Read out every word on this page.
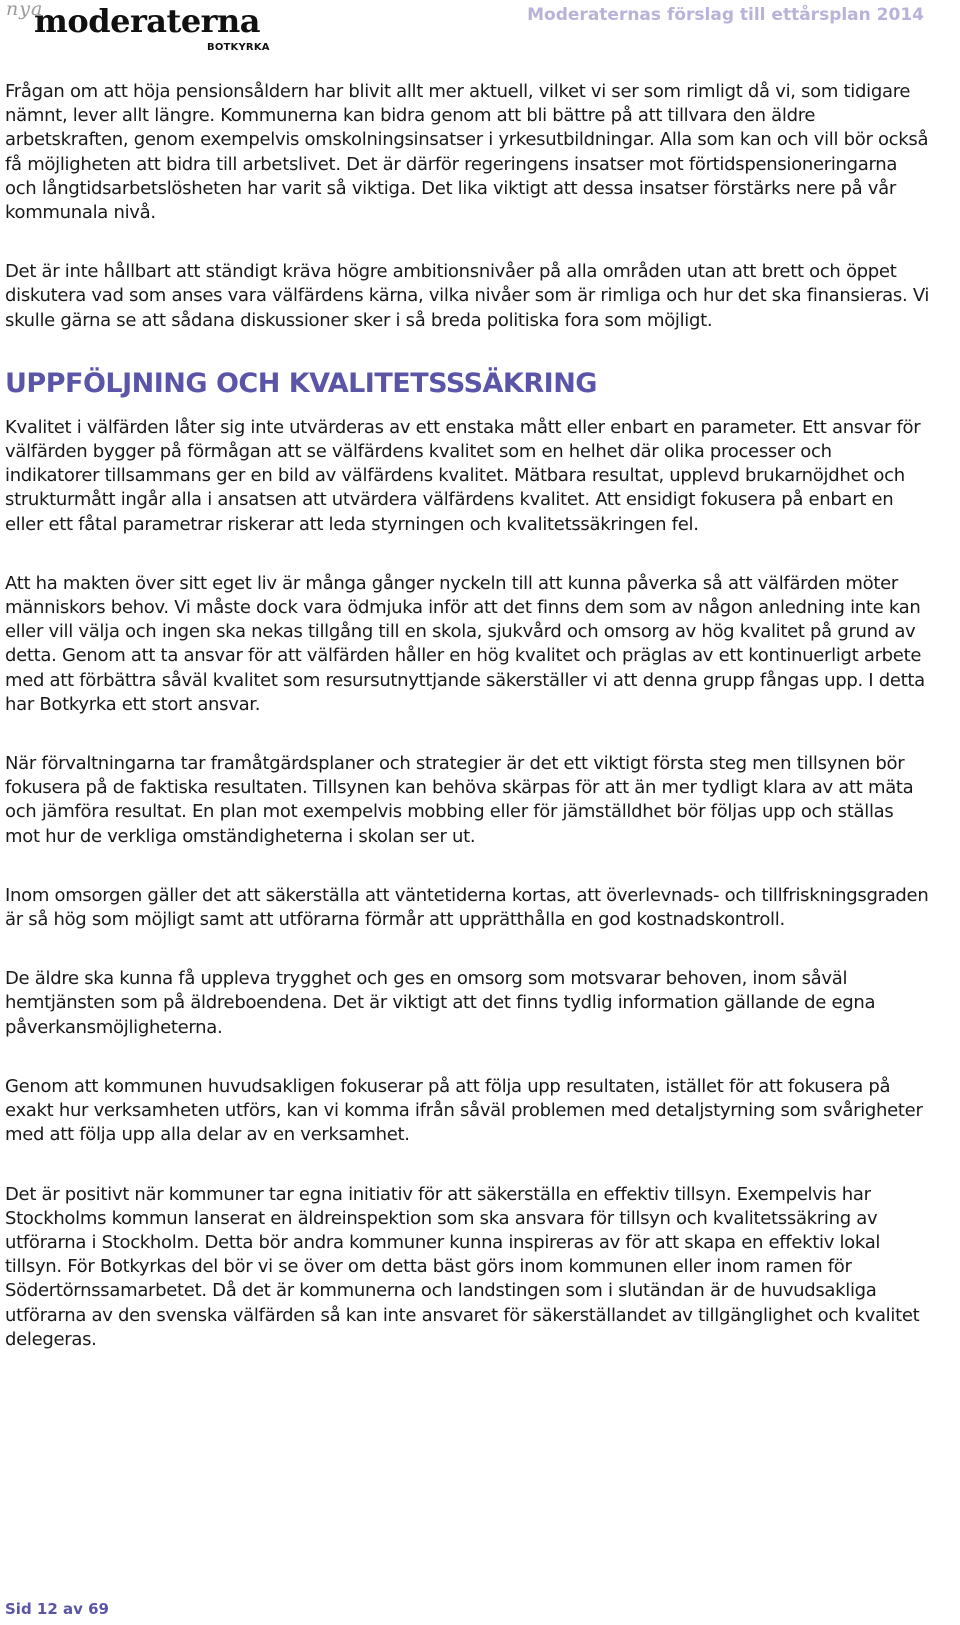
nya
moderaterna
BOTKYRKA
Moderaternas förslag till ettårsplan 2014

Frågan om att höja pensionsåldern har blivit allt mer aktuell, vilket vi ser som rimligt då vi, som tidigare nämnt, lever allt längre. Kommunerna kan bidra genom att bli bättre på att tillvara den äldre arbetskraften, genom exempelvis omskolningsinsatser i yrkesutbildningar. Alla som kan och vill bör också få möjligheten att bidra till arbetslivet. Det är därför regeringens insatser mot förtidspensioneringarna och långtidsarbetslösheten har varit så viktiga. Det lika viktigt att dessa insatser förstärks nere på vår kommunala nivå.

Det är inte hållbart att ständigt kräva högre ambitionsnivåer på alla områden utan att brett och öppet diskutera vad som anses vara välfärdens kärna, vilka nivåer som är rimliga och hur det ska finansieras. Vi skulle gärna se att sådana diskussioner sker i så breda politiska fora som möjligt.

UPPFÖLJNING OCH KVALITETSSSÄKRING

Kvalitet i välfärden låter sig inte utvärderas av ett enstaka mått eller enbart en parameter. Ett ansvar för välfärden bygger på förmågan att se välfärdens kvalitet som en helhet där olika processer och indikatorer tillsammans ger en bild av välfärdens kvalitet. Mätbara resultat, upplevd brukarnöjdhet och strukturmått ingår alla i ansatsen att utvärdera välfärdens kvalitet. Att ensidigt fokusera på enbart en eller ett fåtal parametrar riskerar att leda styrningen och kvalitetssäkringen fel.

Att ha makten över sitt eget liv är många gånger nyckeln till att kunna påverka så att välfärden möter människors behov. Vi måste dock vara ödmjuka inför att det finns dem som av någon anledning inte kan eller vill välja och ingen ska nekas tillgång till en skola, sjukvård och omsorg av hög kvalitet på grund av detta. Genom att ta ansvar för att välfärden håller en hög kvalitet och präglas av ett kontinuerligt arbete med att förbättra såväl kvalitet som resursutnyttjande säkerställer vi att denna grupp fångas upp. I detta har Botkyrka ett stort ansvar.

När förvaltningarna tar framåtgärdsplaner och strategier är det ett viktigt första steg men tillsynen bör fokusera på de faktiska resultaten. Tillsynen kan behöva skärpas för att än mer tydligt klara av att mäta och jämföra resultat. En plan mot exempelvis mobbing eller för jämställdhet bör följas upp och ställas mot hur de verkliga omständigheterna i skolan ser ut.

Inom omsorgen gäller det att säkerställa att väntetiderna kortas, att överlevnads- och tillfriskningsgraden är så hög som möjligt samt att utförarna förmår att upprätthålla en god kostnadskontroll.

De äldre ska kunna få uppleva trygghet och ges en omsorg som motsvarar behoven, inom såväl hemtjänsten som på äldreboendena. Det är viktigt att det finns tydlig information gällande de egna påverkansmöjligheterna.

Genom att kommunen huvudsakligen fokuserar på att följa upp resultaten, istället för att fokusera på exakt hur verksamheten utförs, kan vi komma ifrån såväl problemen med detaljstyrning som svårigheter med att följa upp alla delar av en verksamhet.

Det är positivt när kommuner tar egna initiativ för att säkerställa en effektiv tillsyn. Exempelvis har Stockholms kommun lanserat en äldreinspektion som ska ansvara för tillsyn och kvalitetssäkring av utförarna i Stockholm. Detta bör andra kommuner kunna inspireras av för att skapa en effektiv lokal tillsyn. För Botkyrkas del bör vi se över om detta bäst görs inom kommunen eller inom ramen för Södertörnssamarbetet. Då det är kommunerna och landstingen som i slutändan är de huvudsakliga utförarna av den svenska välfärden så kan inte ansvaret för säkerställandet av tillgänglighet och kvalitet delegeras.

Sid 12 av 69
